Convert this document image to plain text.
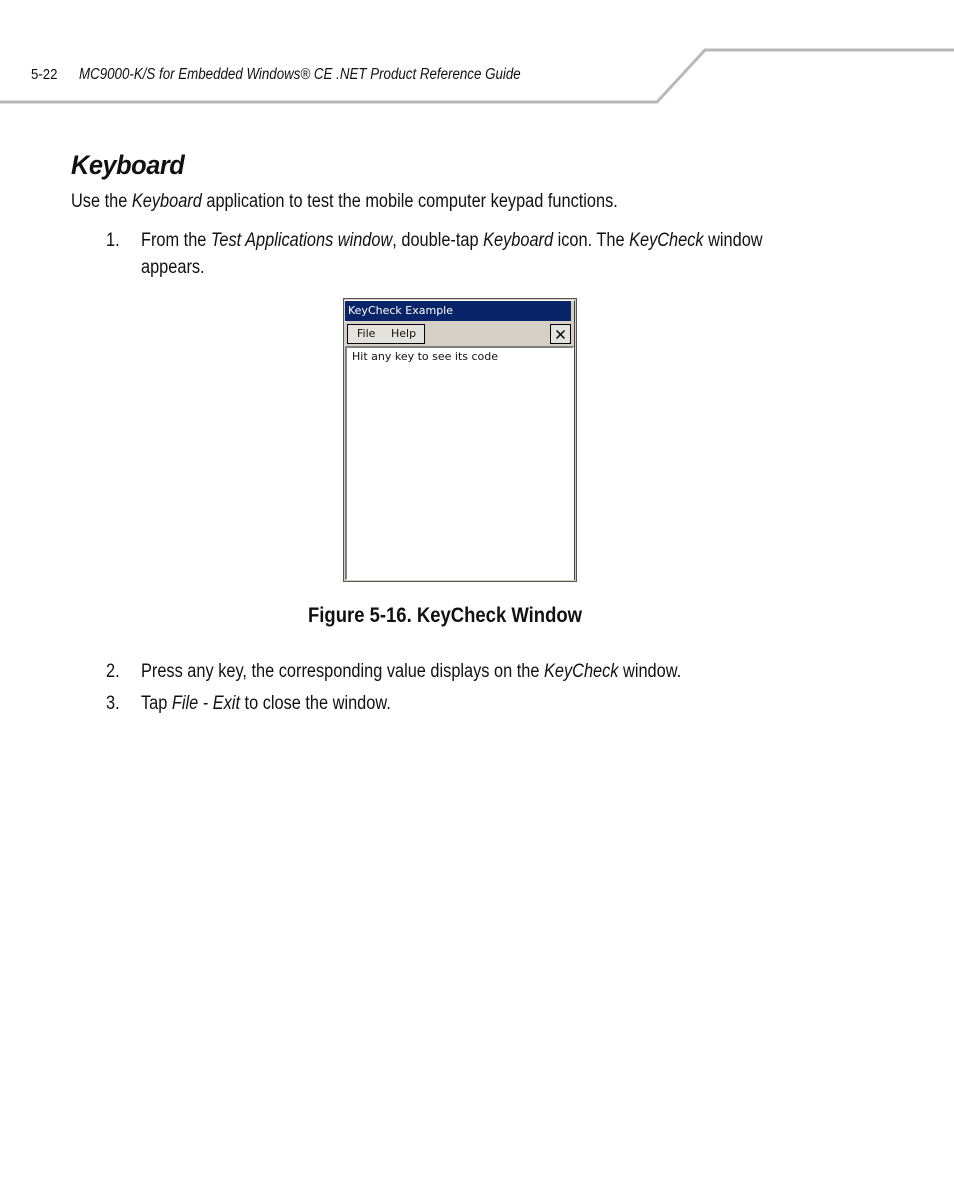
5-22 MC9000-K/S for Embedded Windows® CE .NET Product Reference Guide
Keyboard
Use the Keyboard application to test the mobile computer keypad functions.
1. From the Test Applications window, double-tap Keyboard icon. The KeyCheck window
appears.
KeyCheck Example
File Help
Hit any key to see its code
Figure 5-16. KeyCheck Window
2. Press any key, the corresponding value displays on the KeyCheck window.
3. Tap File - Exit to close the window.
